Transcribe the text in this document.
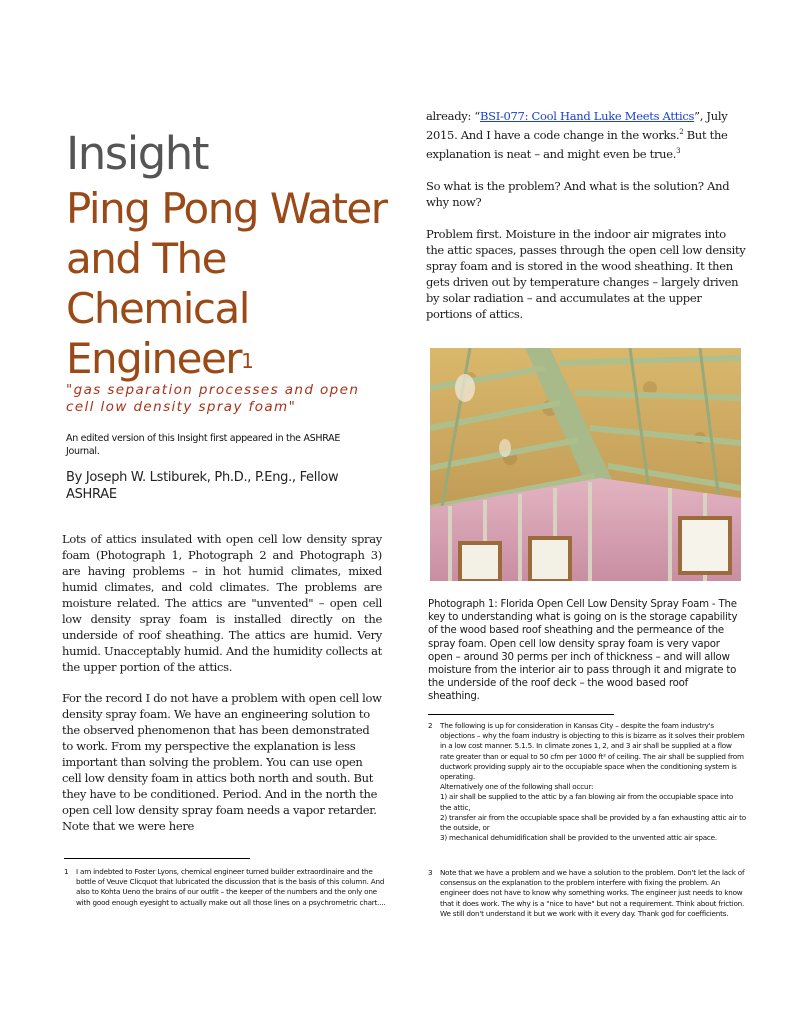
Insight
Ping Pong Water and The Chemical Engineer$^1$
"gas separation processes and open cell low density spray foam"
An edited version of this Insight first appeared in the ASHRAE Journal.
By Joseph W. Lstiburek, Ph.D., P.Eng., Fellow ASHRAE
Lots of attics insulated with open cell low density spray foam (Photograph 1, Photograph 2 and Photograph 3) are having problems – in hot humid climates, mixed humid climates, and cold climates. The problems are moisture related. The attics are "unvented" – open cell low density spray foam is installed directly on the underside of roof sheathing. The attics are humid. Very humid. Unacceptably humid. And the humidity collects at the upper portion of the attics.
For the record I do not have a problem with open cell low density spray foam. We have an engineering solution to the observed phenomenon that has been demonstrated to work. From my perspective the explanation is less important than solving the problem. You can use open cell low density foam in attics both north and south. But they have to be conditioned. Period. And in the north the open cell low density spray foam needs a vapor retarder. Note that we were here
1 I am indebted to Foster Lyons, chemical engineer turned builder extraordinaire and the bottle of Veuve Clicquot that lubricated the discussion that is the basis of this column. And also to Kohta Ueno the brains of our outfit – the keeper of the numbers and the only one with good enough eyesight to actually make out all those lines on a psychrometric chart....

already: “BSI-077: Cool Hand Luke Meets Attics”, July 2015. And I have a code change in the works.$^2$ But the explanation is neat – and might even be true.$^3$

So what is the problem? And what is the solution? And why now?

Problem first. Moisture in the indoor air migrates into the attic spaces, passes through the open cell low density spray foam and is stored in the wood sheathing. It then gets driven out by temperature changes – largely driven by solar radiation – and accumulates at the upper portions of attics.

Photograph 1: Florida Open Cell Low Density Spray Foam - The key to understanding what is going on is the storage capability of the wood based roof sheathing and the permeance of the spray foam. Open cell low density spray foam is very vapor open – around 30 perms per inch of thickness – and will allow moisture from the interior air to pass through it and migrate to the underside of the roof deck – the wood based roof sheathing.
2 The following is up for consideration in Kansas City – despite the foam industry's objections – why the foam industry is objecting to this is bizarre as it solves their problem in a low cost manner. 5.1.5. In climate zones 1, 2, and 3 air shall be supplied at a flow rate greater than or equal to 50 cfm per 1000 ft² of ceiling. The air shall be supplied from ductwork providing supply air to the occupiable space when the conditioning system is operating.
Alternatively one of the following shall occur:
1) air shall be supplied to the attic by a fan blowing air from the occupiable space into the attic,
2) transfer air from the occupiable space shall be provided by a fan exhausting attic air to the outside, or
3) mechanical dehumidification shall be provided to the unvented attic air space.
3 Note that we have a problem and we have a solution to the problem. Don't let the lack of consensus on the explanation to the problem interfere with fixing the problem. An engineer does not have to know why something works. The engineer just needs to know that it does work. The why is a "nice to have" but not a requirement. Think about friction. We still don't understand it but we work with it every day. Thank god for coefficients.
